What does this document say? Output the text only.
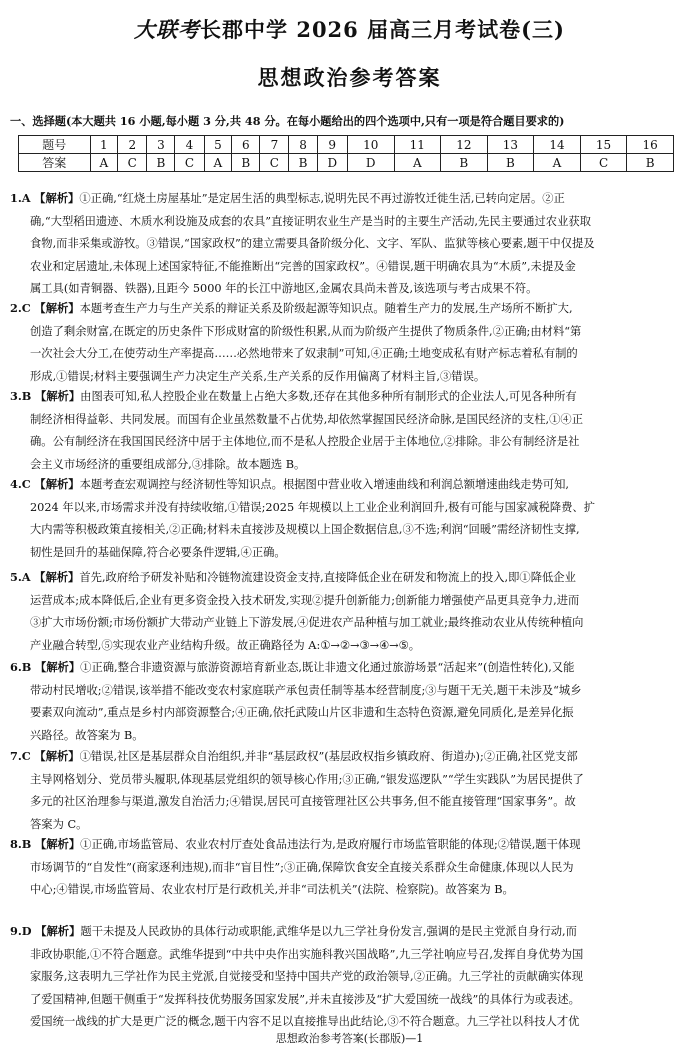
大联考长郡中学 2026 届高三月考试卷(三)
思想政治参考答案
一、选择题(本大题共 16 小题,每小题 3 分,共 48 分。在每小题给出的四个选项中,只有一项是符合题目要求的)
题号	1	2	3	4	5	6	7	8	9	10	11	12	13	14	15	16
答案	A	C	B	C	A	B	C	B	D	D	A	B	B	A	C	B

1.A 【解析】①正确,“红烧土房屋基址”是定居生活的典型标志,说明先民不再过游牧迁徙生活,已转向定居。②正

确,“大型稻田遗迹、木质水利设施及成套的农具”直接证明农业生产是当时的主要生产活动,先民主要通过农业获取

食物,而非采集或游牧。③错误,“国家政权”的建立需要具备阶级分化、文字、军队、监狱等核心要素,题干中仅提及

农业和定居遗址,未体现上述国家特征,不能推断出“完善的国家政权”。④错误,题干明确农具为“木质”,未提及金

属工具(如青铜器、铁器),且距今 5000 年的长江中游地区,金属农具尚未普及,该选项与考古成果不符。

2.C 【解析】本题考查生产力与生产关系的辩证关系及阶级起源等知识点。随着生产力的发展,生产场所不断扩大,

创造了剩余财富,在既定的历史条件下形成财富的阶级性积累,从而为阶级产生提供了物质条件,②正确;由材料“第

一次社会大分工,在使劳动生产率提高……必然地带来了奴隶制”可知,④正确;土地变成私有财产标志着私有制的

形成,①错误;材料主要强调生产力决定生产关系,生产关系的反作用偏离了材料主旨,③错误。

3.B 【解析】由图表可知,私人控股企业在数量上占绝大多数,还存在其他多种所有制形式的企业法人,可见各种所有

制经济相得益彰、共同发展。而国有企业虽然数量不占优势,却依然掌握国民经济命脉,是国民经济的支柱,①④正

确。公有制经济在我国国民经济中居于主体地位,而不是私人控股企业居于主体地位,②排除。非公有制经济是社

会主义市场经济的重要组成部分,③排除。故本题选 B。

4.C 【解析】本题考查宏观调控与经济韧性等知识点。根据图中营业收入增速曲线和利润总额增速曲线走势可知,

2024 年以来,市场需求并没有持续收缩,①错误;2025 年规模以上工业企业利润回升,极有可能与国家减税降费、扩

大内需等积极政策直接相关,②正确;材料未直接涉及规模以上国企数据信息,③不选;利润“回暖”需经济韧性支撑,

韧性是回升的基础保障,符合必要条件逻辑,④正确。

5.A 【解析】首先,政府给予研发补贴和冷链物流建设资金支持,直接降低企业在研发和物流上的投入,即①降低企业

运营成本;成本降低后,企业有更多资金投入技术研发,实现②提升创新能力;创新能力增强使产品更具竞争力,进而

③扩大市场份额;市场份额扩大带动产业链上下游发展,④促进农产品种植与加工就业;最终推动农业从传统种植向

产业融合转型,⑤实现农业产业结构升级。故正确路径为 A:①→②→③→④→⑤。

6.B 【解析】①正确,整合非遗资源与旅游资源培育新业态,既让非遗文化通过旅游场景“活起来”(创造性转化),又能

带动村民增收;②错误,该举措不能改变农村家庭联产承包责任制等基本经营制度;③与题干无关,题干未涉及“城乡

要素双向流动”,重点是乡村内部资源整合;④正确,依托武陵山片区非遗和生态特色资源,避免同质化,是差异化振

兴路径。故答案为 B。

7.C 【解析】①错误,社区是基层群众自治组织,并非“基层政权”(基层政权指乡镇政府、街道办);②正确,社区党支部

主导网格划分、党员带头履职,体现基层党组织的领导核心作用;③正确,“银发巡逻队”“学生实践队”为居民提供了

多元的社区治理参与渠道,激发自治活力;④错误,居民可直接管理社区公共事务,但不能直接管理“国家事务”。故

答案为 C。

8.B 【解析】①正确,市场监管局、农业农村厅查处食品违法行为,是政府履行市场监管职能的体现;②错误,题干体现

市场调节的“自发性”(商家逐利违规),而非“盲目性”;③正确,保障饮食安全直接关系群众生命健康,体现以人民为

中心;④错误,市场监管局、农业农村厅是行政机关,并非“司法机关”(法院、检察院)。故答案为 B。

9.D 【解析】题干未提及人民政协的具体行动或职能,武维华是以九三学社身份发言,强调的是民主党派自身行动,而

非政协职能,①不符合题意。武维华提到“中共中央作出实施科教兴国战略”,九三学社响应号召,发挥自身优势为国

家服务,这表明九三学社作为民主党派,自觉接受和坚持中国共产党的政治领导,②正确。九三学社的贡献确实体现

了爱国精神,但题干侧重于“发挥科技优势服务国家发展”,并未直接涉及“扩大爱国统一战线”的具体行为或表述。

爱国统一战线的扩大是更广泛的概念,题干内容不足以直接推导出此结论,③不符合题意。九三学社以科技人才优

思想政治参考答案(长郡版)—1
